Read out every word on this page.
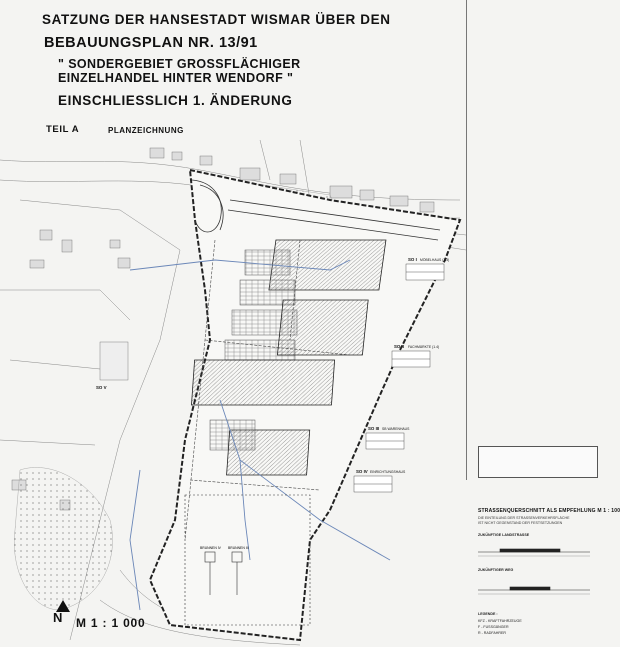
SATZUNG DER HANSESTADT WISMAR ÜBER DEN
BEBAUUNGSPLAN NR. 13/91
" SONDERGEBIET GROSSFLÄCHIGER
EINZELHANDEL HINTER WENDORF "
EINSCHLIESSLICH 1. ÄNDERUNG
TEIL A	PLANZEICHNUNG
BRUNNEN IV BRUNNEN III
SO I MÖBELHAUS (1.3)
SO II FACHMÄRKTE (1.4)
SO III SB WARENHAUS
SO IV EINRICHTUNGSHAUS
SO V
STRASSENQUERSCHNITT ALS EMPFEHLUNG M 1 : 100
DIE EINTEILUNG DER STRASSENVERKEHRSFLÄCHE
IST NICHT GEGENSTAND DER FESTSETZUNGEN
ZUKÜNFTIGE LANDSTRASSE
ZUKÜNFTIGER WEG
LEGENDE :
KFZ - KRAFTFAHRZEUGE
F - FUSSGÄNGER
R - RADFAHRER
N M 1 : 1 000
